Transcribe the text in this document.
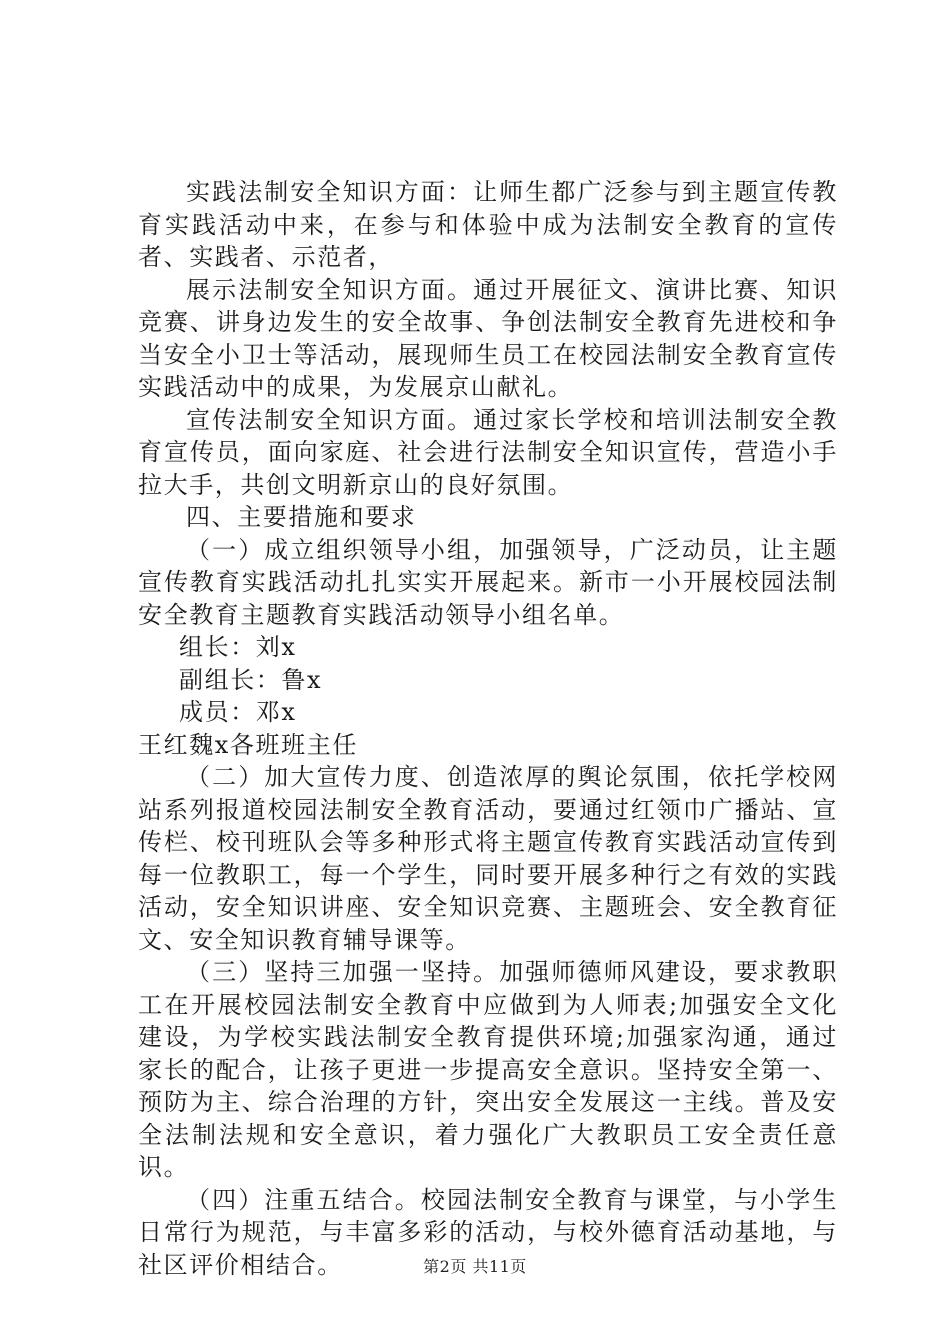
实践法制安全知识方面：让师生都广泛参与到主题宣传教育实践活动中来，在参与和体验中成为法制安全教育的宣传者、实践者、示范者，

展示法制安全知识方面。通过开展征文、演讲比赛、知识竞赛、讲身边发生的安全故事、争创法制安全教育先进校和争当安全小卫士等活动，展现师生员工在校园法制安全教育宣传实践活动中的成果，为发展京山献礼。

宣传法制安全知识方面。通过家长学校和培训法制安全教育宣传员，面向家庭、社会进行法制安全知识宣传，营造小手拉大手，共创文明新京山的良好氛围。

四、主要措施和要求

（一）成立组织领导小组，加强领导，广泛动员，让主题宣传教育实践活动扎扎实实开展起来。新市一小开展校园法制安全教育主题教育实践活动领导小组名单。

组长：刘x

副组长：鲁x

成员：邓x

王红魏x各班班主任

（二）加大宣传力度、创造浓厚的舆论氛围，依托学校网站系列报道校园法制安全教育活动，要通过红领巾广播站、宣传栏、校刊班队会等多种形式将主题宣传教育实践活动宣传到每一位教职工，每一个学生，同时要开展多种行之有效的实践活动，安全知识讲座、安全知识竞赛、主题班会、安全教育征文、安全知识教育辅导课等。

（三）坚持三加强一坚持。加强师德师风建设，要求教职工在开展校园法制安全教育中应做到为人师表;加强安全文化建设，为学校实践法制安全教育提供环境;加强家沟通，通过家长的配合，让孩子更进一步提高安全意识。坚持安全第一、预防为主、综合治理的方针，突出安全发展这一主线。普及安全法制法规和安全意识，着力强化广大教职员工安全责任意识。

（四）注重五结合。校园法制安全教育与课堂，与小学生日常行为规范，与丰富多彩的活动，与校外德育活动基地，与社区评价相结合。	第2页 共11页
